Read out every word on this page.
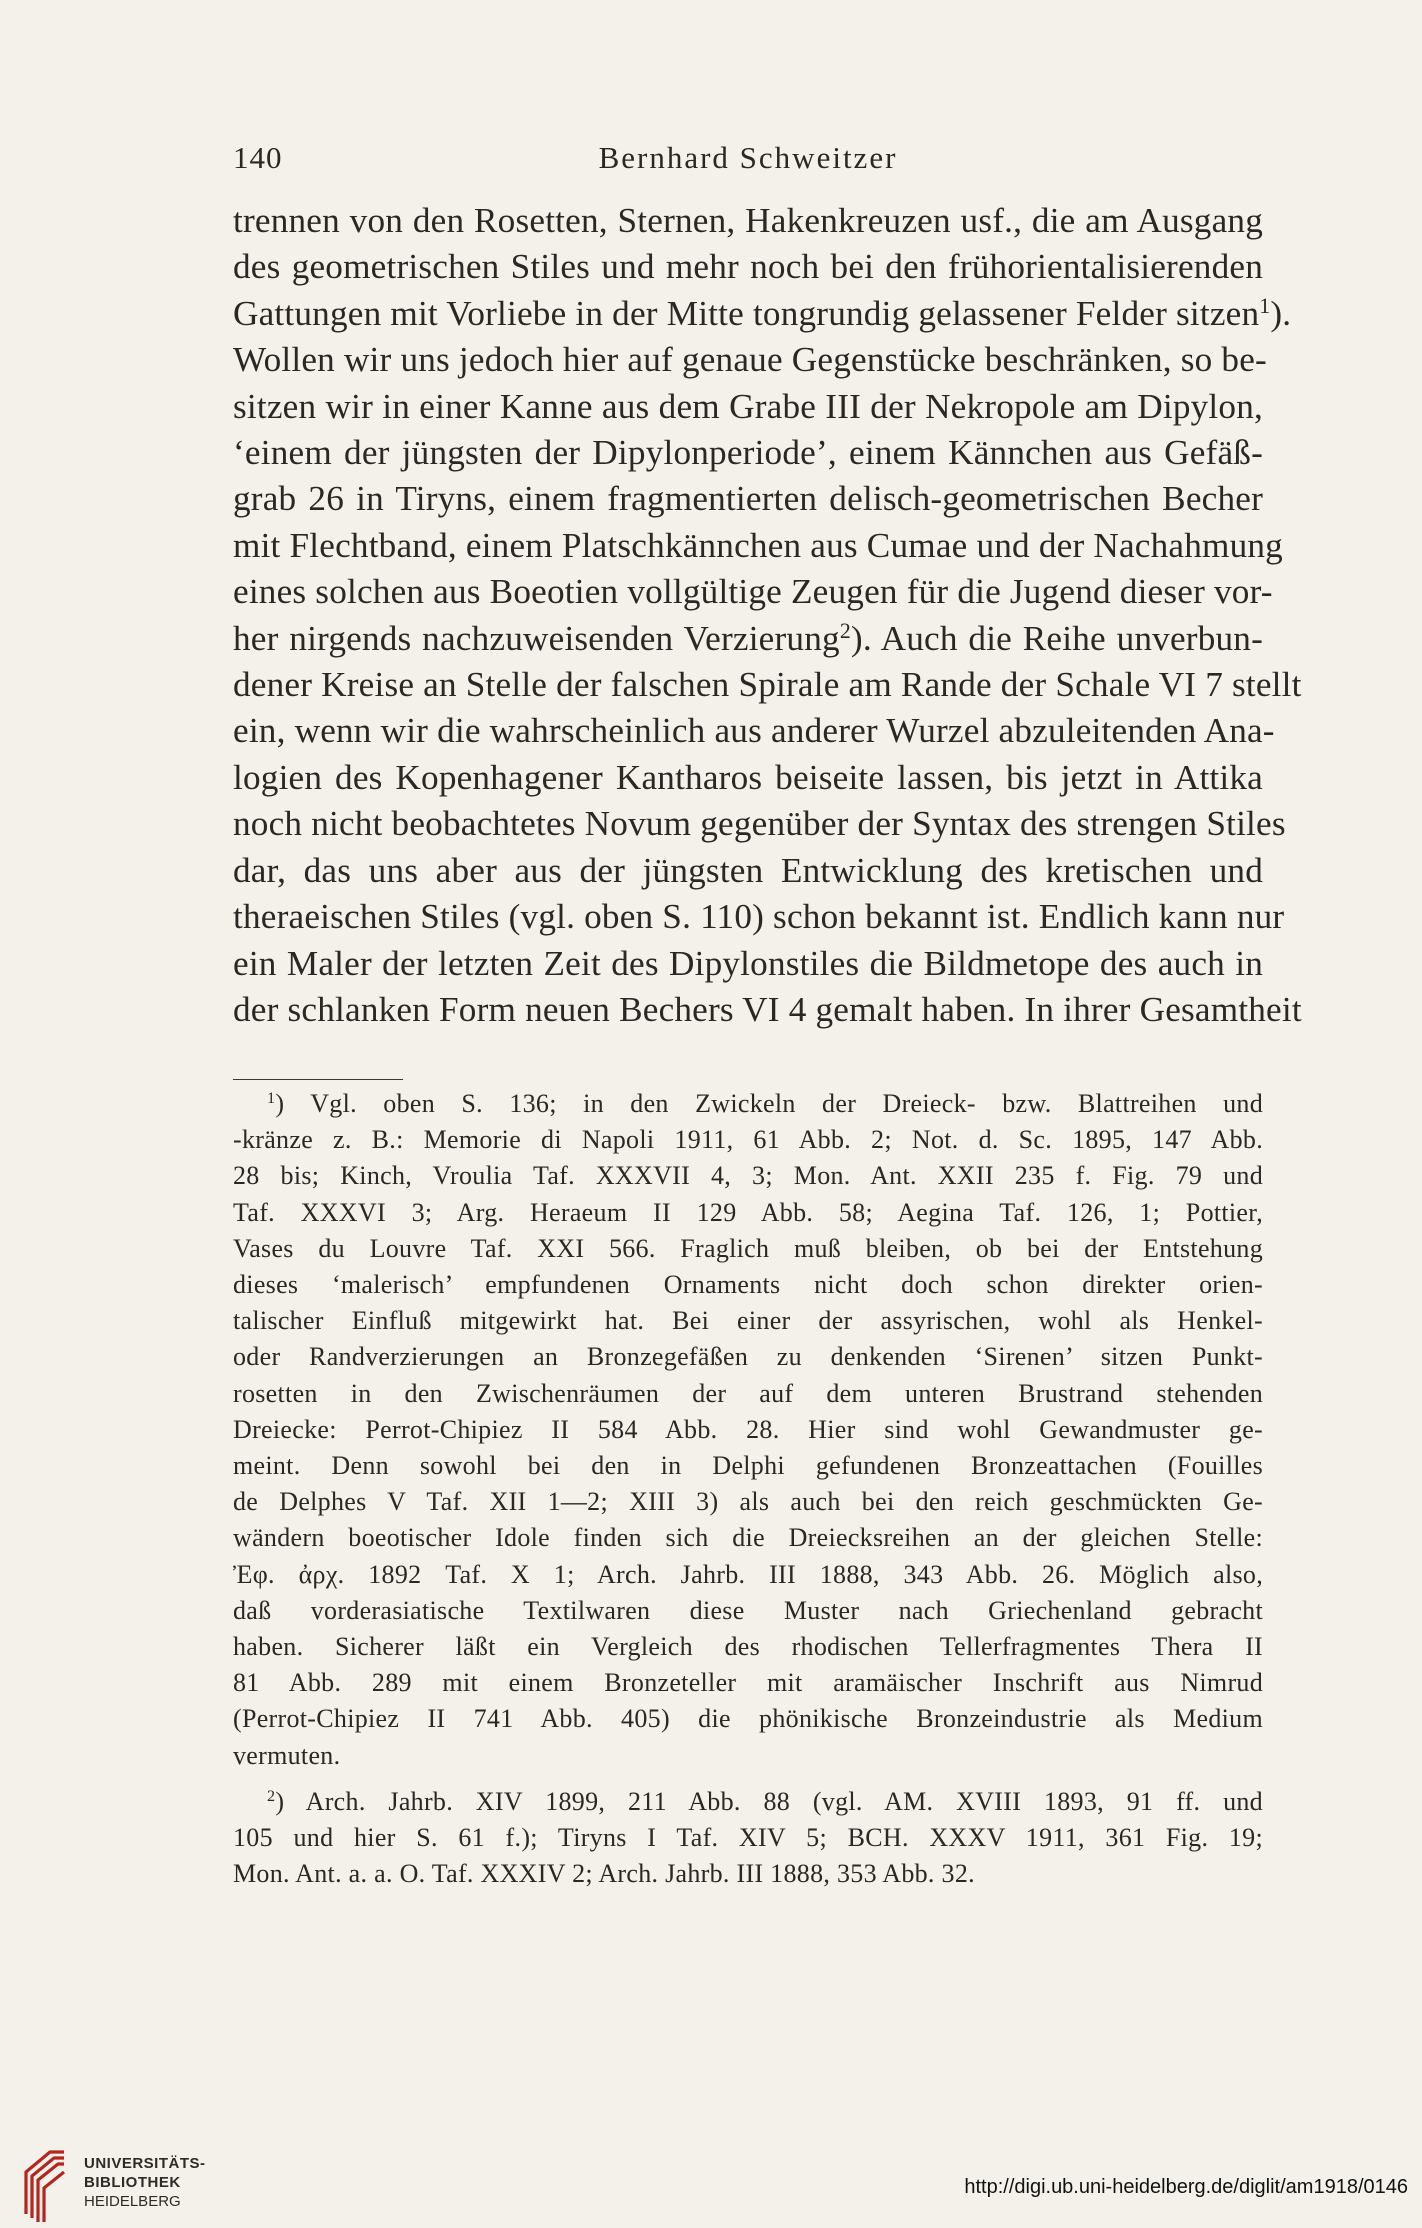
140	Bernhard Schweitzer
trennen von den Rosetten, Sternen, Hakenkreuzen usf., die am Ausgang
des geometrischen Stiles und mehr noch bei den frühorientalisierenden
Gattungen mit Vorliebe in der Mitte tongrundig gelassener Felder sitzen$^1$).
Wollen wir uns jedoch hier auf genaue Gegenstücke beschränken, so be-
sitzen wir in einer Kanne aus dem Grabe III der Nekropole am Dipylon,
‘einem der jüngsten der Dipylonperiode’, einem Kännchen aus Gefäß-
grab 26 in Tiryns, einem fragmentierten delisch-geometrischen Becher
mit Flechtband, einem Platschkännchen aus Cumae und der Nachahmung
eines solchen aus Boeotien vollgültige Zeugen für die Jugend dieser vor-
her nirgends nachzuweisenden Verzierung$^2$). Auch die Reihe unverbun-
dener Kreise an Stelle der falschen Spirale am Rande der Schale VI 7 stellt
ein, wenn wir die wahrscheinlich aus anderer Wurzel abzuleitenden Ana-
logien des Kopenhagener Kantharos beiseite lassen, bis jetzt in Attika
noch nicht beobachtetes Novum gegenüber der Syntax des strengen Stiles
dar, das uns aber aus der jüngsten Entwicklung des kretischen und
theraeischen Stiles (vgl. oben S. 110) schon bekannt ist. Endlich kann nur
ein Maler der letzten Zeit des Dipylonstiles die Bildmetope des auch in
der schlanken Form neuen Bechers VI 4 gemalt haben. In ihrer Gesamtheit
$^1$) Vgl. oben S. 136; in den Zwickeln der Dreieck- bzw. Blattreihen und
-kränze z. B.: Memorie di Napoli 1911, 61 Abb. 2; Not. d. Sc. 1895, 147 Abb.
28 bis; Kinch, Vroulia Taf. XXXVII 4, 3; Mon. Ant. XXII 235 f. Fig. 79 und
Taf. XXXVI 3; Arg. Heraeum II 129 Abb. 58; Aegina Taf. 126, 1; Pottier,
Vases du Louvre Taf. XXI 566. Fraglich muß bleiben, ob bei der Entstehung
dieses ‘malerisch’ empfundenen Ornaments nicht doch schon direkter orien-
talischer Einfluß mitgewirkt hat. Bei einer der assyrischen, wohl als Henkel-
oder Randverzierungen an Bronzegefäßen zu denkenden ‘Sirenen’ sitzen Punkt-
rosetten in den Zwischenräumen der auf dem unteren Brustrand stehenden
Dreiecke: Perrot-Chipiez II 584 Abb. 28. Hier sind wohl Gewandmuster ge-
meint. Denn sowohl bei den in Delphi gefundenen Bronzeattachen (Fouilles
de Delphes V Taf. XII 1—2; XIII 3) als auch bei den reich geschmückten Ge-
wändern boeotischer Idole finden sich die Dreiecksreihen an der gleichen Stelle:
Ἐφ. ἀρχ. 1892 Taf. X 1; Arch. Jahrb. III 1888, 343 Abb. 26. Möglich also,
daß vorderasiatische Textilwaren diese Muster nach Griechenland gebracht
haben. Sicherer läßt ein Vergleich des rhodischen Tellerfragmentes Thera II
81 Abb. 289 mit einem Bronzeteller mit aramäischer Inschrift aus Nimrud
(Perrot-Chipiez II 741 Abb. 405) die phönikische Bronzeindustrie als Medium
vermuten.
$^2$) Arch. Jahrb. XIV 1899, 211 Abb. 88 (vgl. AM. XVIII 1893, 91 ff. und
105 und hier S. 61 f.); Tiryns I Taf. XIV 5; BCH. XXXV 1911, 361 Fig. 19;
Mon. Ant. a. a. O. Taf. XXXIV 2; Arch. Jahrb. III 1888, 353 Abb. 32.
UNIVERSITÄTS-
BIBLIOTHEK
HEIDELBERG
http://digi.ub.uni-heidelberg.de/diglit/am1918/0146
